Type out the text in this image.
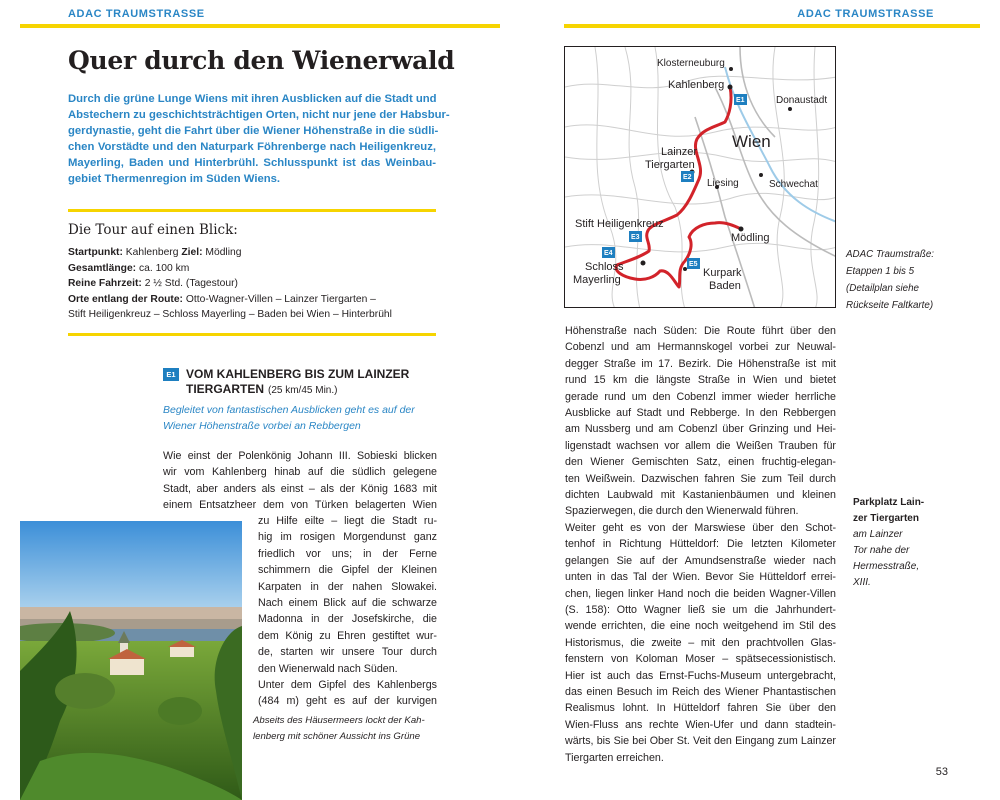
ADAC TRAUMSTRASSE	ADAC TRAUMSTRASSE
Quer durch den Wienerwald
Durch die grüne Lunge Wiens mit ihren Ausblicken auf die Stadt und
Abstechern zu geschichtsträchtigen Orten, nicht nur jene der Habsbur-
gerdynastie, geht die Fahrt über die Wiener Höhenstraße in die südli-
chen Vorstädte und den Naturpark Föhrenberge nach Heiligenkreuz,
Mayerling, Baden und Hinterbrühl. Schlusspunkt ist das Weinbau-
gebiet Thermenregion im Süden Wiens.
Die Tour auf einen Blick:
Startpunkt: Kahlenberg Ziel: Mödling
Gesamtlänge: ca. 100 km
Reine Fahrzeit: 2 ½ Std. (Tagestour)
Orte entlang der Route: Otto-Wagner-Villen – Lainzer Tiergarten –
Stift Heiligenkreuz – Schloss Mayerling – Baden bei Wien – Hinterbrühl
E1 VOM KAHLENBERG BIS ZUM LAINZER
TIERGARTEN (25 km/45 Min.)
Begleitet von fantastischen Ausblicken geht es auf der
Wiener Höhenstraße vorbei an Rebbergen
Wie einst der Polenkönig Johann III. Sobieski blicken
wir vom Kahlenberg hinab auf die südlich gelegene
Stadt, aber anders als einst – als der König 1683 mit
einem Entsatzheer dem von Türken belagerten Wien
zu Hilfe eilte – liegt die Stadt ru-
hig im rosigen Morgendunst ganz
friedlich vor uns; in der Ferne
schimmern die Gipfel der Kleinen
Karpaten in der nahen Slowakei.
Nach einem Blick auf die schwarze
Madonna in der Josefskirche, die
dem König zu Ehren gestiftet wur-
de, starten wir unsere Tour durch
den Wienerwald nach Süden.
Unter dem Gipfel des Kahlenbergs
(484 m) geht es auf der kurvigen
Abseits des Häusermeers lockt der Kah-
lenberg mit schöner Aussicht ins Grüne
Klosterneuburg
Kahlenberg
Donaustadt
Wien
Lainzer
Tiergarten
Liesing	Schwechat
Stift Heiligenkreuz
Mödling
Schloss
Mayerling
Kurpark
Baden
E1
E2
E3
E4
E5
ADAC Traumstraße:
Etappen 1 bis 5
(Detailplan siehe
Rückseite Faltkarte)
Höhenstraße nach Süden: Die Route führt über den
Cobenzl und am Hermannskogel vorbei zur Neuwal-
degger Straße im 17. Bezirk. Die Höhenstraße ist mit
rund 15 km die längste Straße in Wien und bietet
gerade rund um den Cobenzl immer wieder herrliche
Ausblicke auf Stadt und Rebberge. In den Rebbergen
am Nussberg und am Cobenzl über Grinzing und Hei-
ligenstadt wachsen vor allem die Weißen Trauben für
den Wiener Gemischten Satz, einen fruchtig-elegan-
ten Weißwein. Dazwischen fahren Sie zum Teil durch
dichten Laubwald mit Kastanienbäumen und kleinen
Spazierwegen, die durch den Wienerwald führen.
Weiter geht es von der Marswiese über den Schot-
tenhof in Richtung Hütteldorf: Die letzten Kilometer
gelangen Sie auf der Amundsenstraße wieder nach
unten in das Tal der Wien. Bevor Sie Hütteldorf errei-
chen, liegen linker Hand noch die beiden Wagner-Villen
(S. 158): Otto Wagner ließ sie um die Jahrhundert-
wende errichten, die eine noch weitgehend im Stil des
Historismus, die zweite – mit den prachtvollen Glas-
fenstern von Koloman Moser – spätsecessionistisch.
Hier ist auch das Ernst-Fuchs-Museum untergebracht,
das einen Besuch im Reich des Wiener Phantastischen
Realismus lohnt. In Hütteldorf fahren Sie über den
Wien-Fluss ans rechte Wien-Ufer und dann stadtein-
wärts, bis Sie bei Ober St. Veit den Eingang zum Lainzer
Tiergarten erreichen.
Parkplatz Lain-
zer Tiergarten
am Lainzer
Tor nahe der
Hermesstraße,
XIII.
53
